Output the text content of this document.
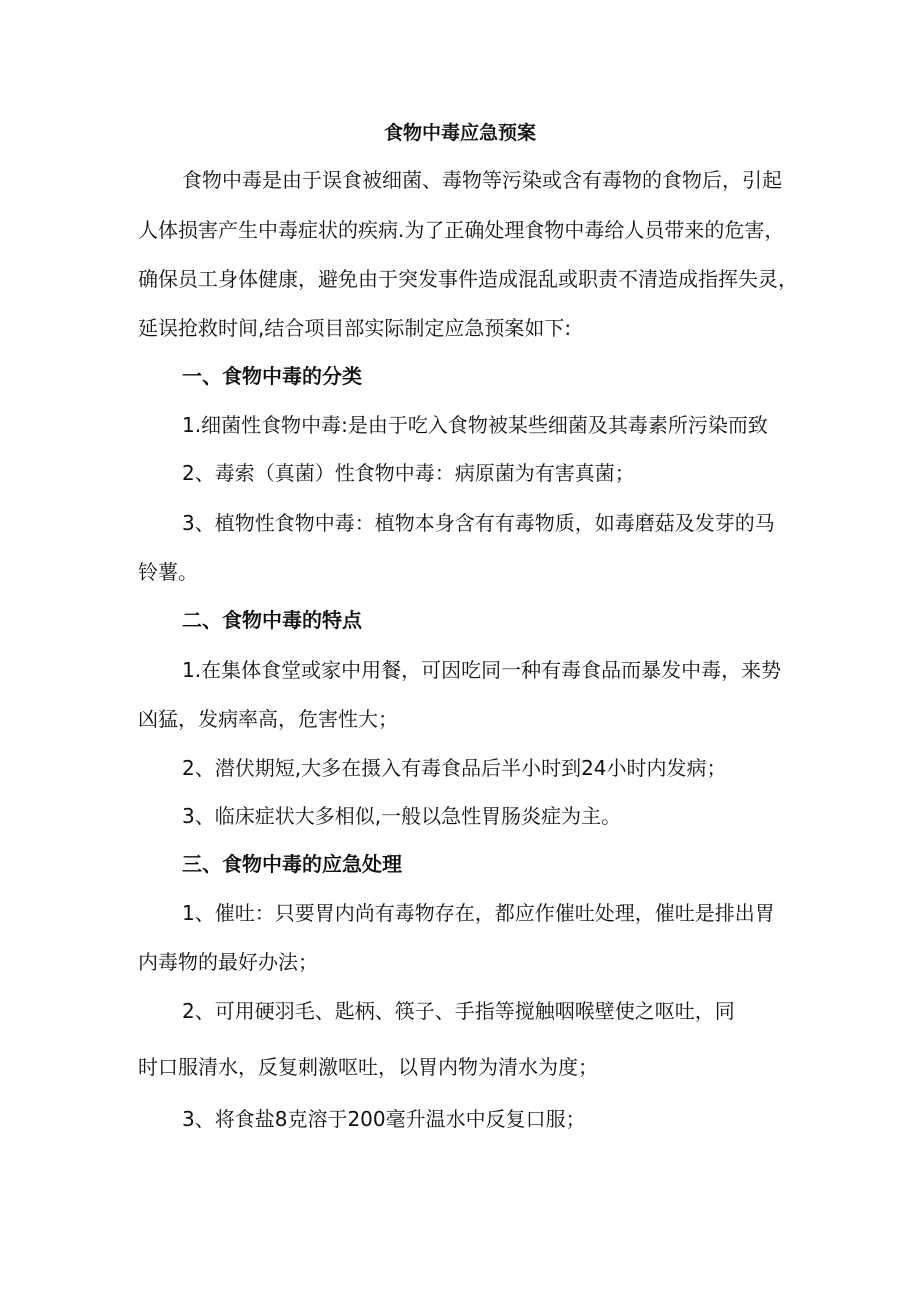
食物中毒应急预案
食物中毒是由于误食被细菌、毒物等污染或含有毒物的食物后，引起
人体损害产生中毒症状的疾病.为了正确处理食物中毒给人员带来的危害，
确保员工身体健康，避免由于突发事件造成混乱或职责不清造成指挥失灵，
延误抢救时间,结合项目部实际制定应急预案如下:
一、食物中毒的分类
1.细菌性食物中毒:是由于吃入食物被某些细菌及其毒素所污染而致
2、毒索（真菌）性食物中毒：病原菌为有害真菌；
3、植物性食物中毒：植物本身含有有毒物质，如毒磨菇及发芽的马
铃薯。
二、食物中毒的特点
1.在集体食堂或家中用餐，可因吃同一种有毒食品而暴发中毒，来势
凶猛，发病率高，危害性大；
2、潜伏期短,大多在摄入有毒食品后半小时到24小时内发病；
3、临床症状大多相似,一般以急性胃肠炎症为主。
三、食物中毒的应急处理
1、催吐：只要胃内尚有毒物存在，都应作催吐处理，催吐是排出胃
内毒物的最好办法；
2、可用硬羽毛、匙柄、筷子、手指等搅触咽喉壁使之呕吐，同
时口服清水，反复刺激呕吐，以胃内物为清水为度；
3、将食盐8克溶于200毫升温水中反复口服；
